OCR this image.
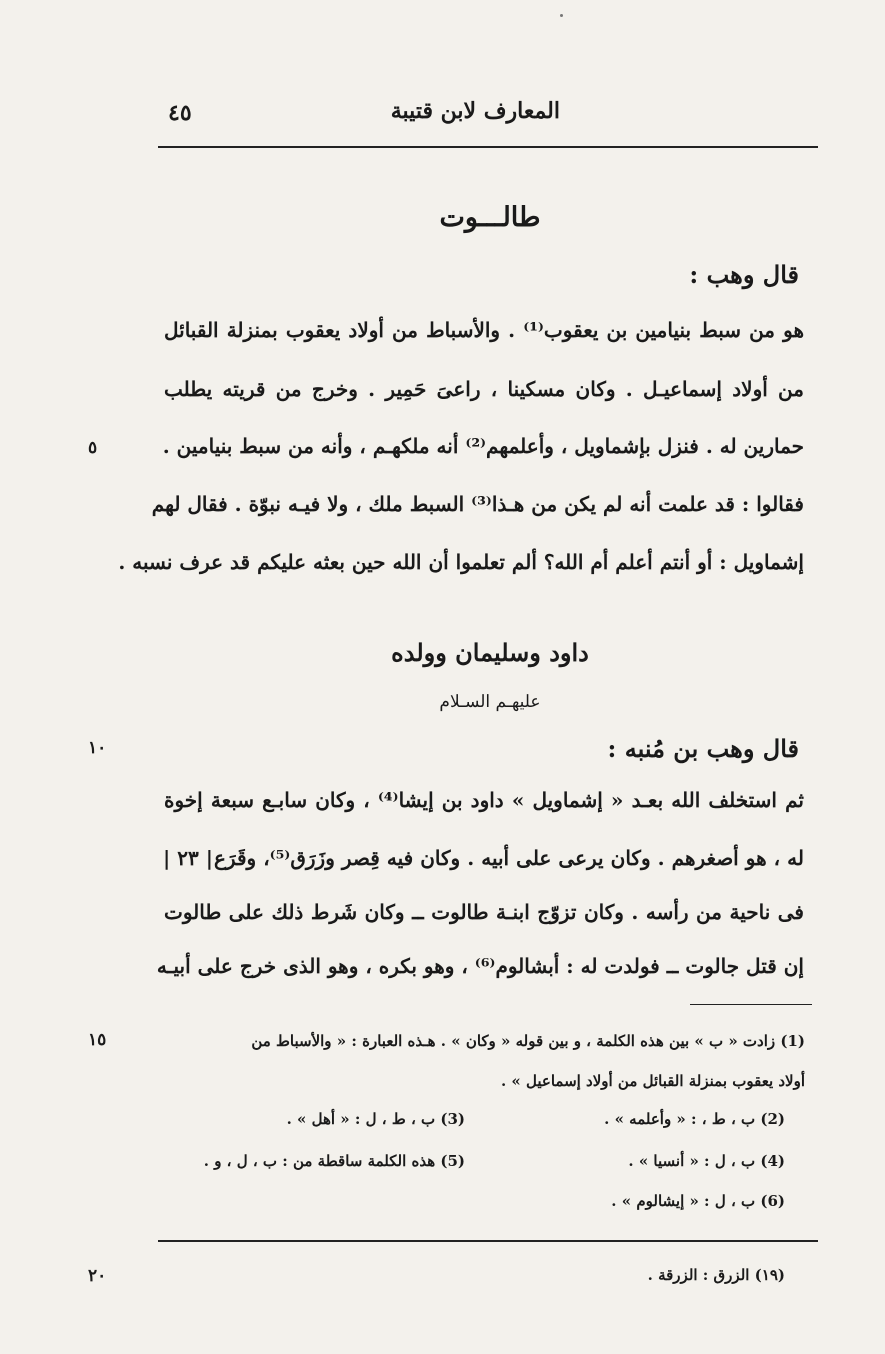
المعارف لابن قتيبة
٤٥
طالـــوت
قال وهب :
هو من سبط بنيامين بن يعقوب⁽¹⁾ . والأسباط من أولاد يعقوب بمنزلة القبائل
من أولاد إسماعيـل . وكان مسكينا ، راعىَ حَمِير . وخرج من قريته يطلب
حمارين له . فنزل بإشماويل ، وأعلمهم⁽²⁾ أنه ملكهـم ، وأنه من سبط بنيامين .
فقالوا : قد علمت أنه لم يكن من هـذا⁽³⁾ السبط ملك ، ولا فيـه نبوّة . فقال لهم
إشماويل : أو أنتم أعلم أم الله؟ ألم تعلموا أن الله حين بعثه عليكم قد عرف نسبه .
٥
داود وسليمان وولده
عليهـم السـلام
قال وهب بن مُنبه :
١٠
ثم استخلف الله بعـد « إشماويل » داود بن إيشا⁽⁴⁾ ، وكان سابـع سبعة إخوة
| ٢٣ | له ، هو أصغرهم . وكان يرعى على أبيه . وكان فيه قِصر وزَرَق⁽⁵⁾، وقَرَع
فى ناحية من رأسه . وكان تزوّج ابنـة طالوت ــ وكان شَرط ذلك على طالوت
إن قتل جالوت ــ فولدت له : أبشالوم⁽⁶⁾ ، وهو بكره ، وهو الذى خرج على أبيـه
١٥	(1) زادت « ب » بين هذه الكلمة ، و بين قوله « وكان » . هـذه العبارة : « والأسباط من
أولاد يعقوب بمنزلة القبائل من أولاد إسماعيل » .
(2) ب ، ط ، : « وأعلمه » .
(3) ب ، ط ، ل : « أهل » .
(4) ب ، ل : « أنسيا » .
(5) هذه الكلمة ساقطة من : ب ، ل ، و .
(6) ب ، ل : « إيشالوم » .
٢٠	(١٩) الزرق : الزرقة .
